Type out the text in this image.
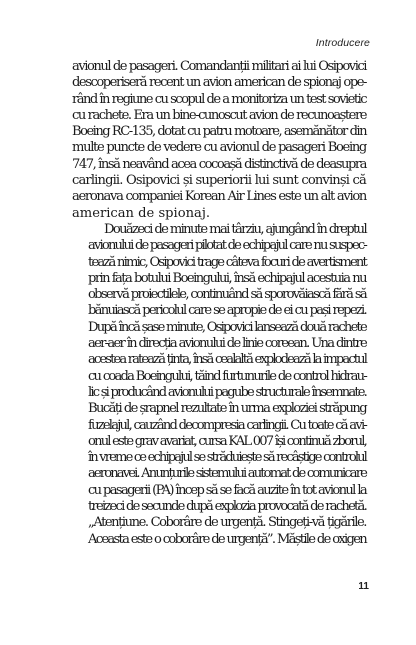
Introducere
avionul de pasageri. Comandanții militari ai lui Osipovici
descoperiseră recent un avion american de spionaj ope-
rând în regiune cu scopul de a monitoriza un test sovietic
cu rachete. Era un bine-cunoscut avion de recunoaștere
Boeing RC-135, dotat cu patru motoare, asemănător din
multe puncte de vedere cu avionul de pasageri Boeing
747, însă neavând acea cocoașă distinctivă de deasupra
carlingii. Osipovici și superiorii lui sunt convinși că
aeronava companiei Korean Air Lines este un alt avion
american de spionaj.
Douăzeci de minute mai târziu, ajungând în dreptul
avionului de pasageri pilotat de echipajul care nu suspec-
tează nimic, Osipovici trage câteva focuri de avertisment
prin fața botului Boeingului, însă echipajul acestuia nu
observă proiectilele, continuând să sporovăiască fără să
bănuiască pericolul care se apropie de ei cu pași repezi.
După încă șase minute, Osipovici lansează două rachete
aer-aer în direcția avionului de linie coreean. Una dintre
acestea ratează ținta, însă cealaltă explodează la impactul
cu coada Boeingului, tăind furtunurile de control hidrau-
lic și producând avionului pagube structurale însemnate.
Bucăți de șrapnel rezultate în urma exploziei străpung
fuzelajul, cauzând decompresia carlingii. Cu toate că avi-
onul este grav avariat, cursa KAL 007 își continuă zborul,
în vreme ce echipajul se străduiește să recâștige controlul
aeronavei. Anunțurile sistemului automat de comunicare
cu pasagerii (PA) încep să se facă auzite în tot avionul la
treizeci de secunde după explozia provocată de rachetă.
„Atențiune. Coborâre de urgență. Stingeți-vă țigările.
Aceasta este o coborâre de urgență”. Măștile de oxigen
11
